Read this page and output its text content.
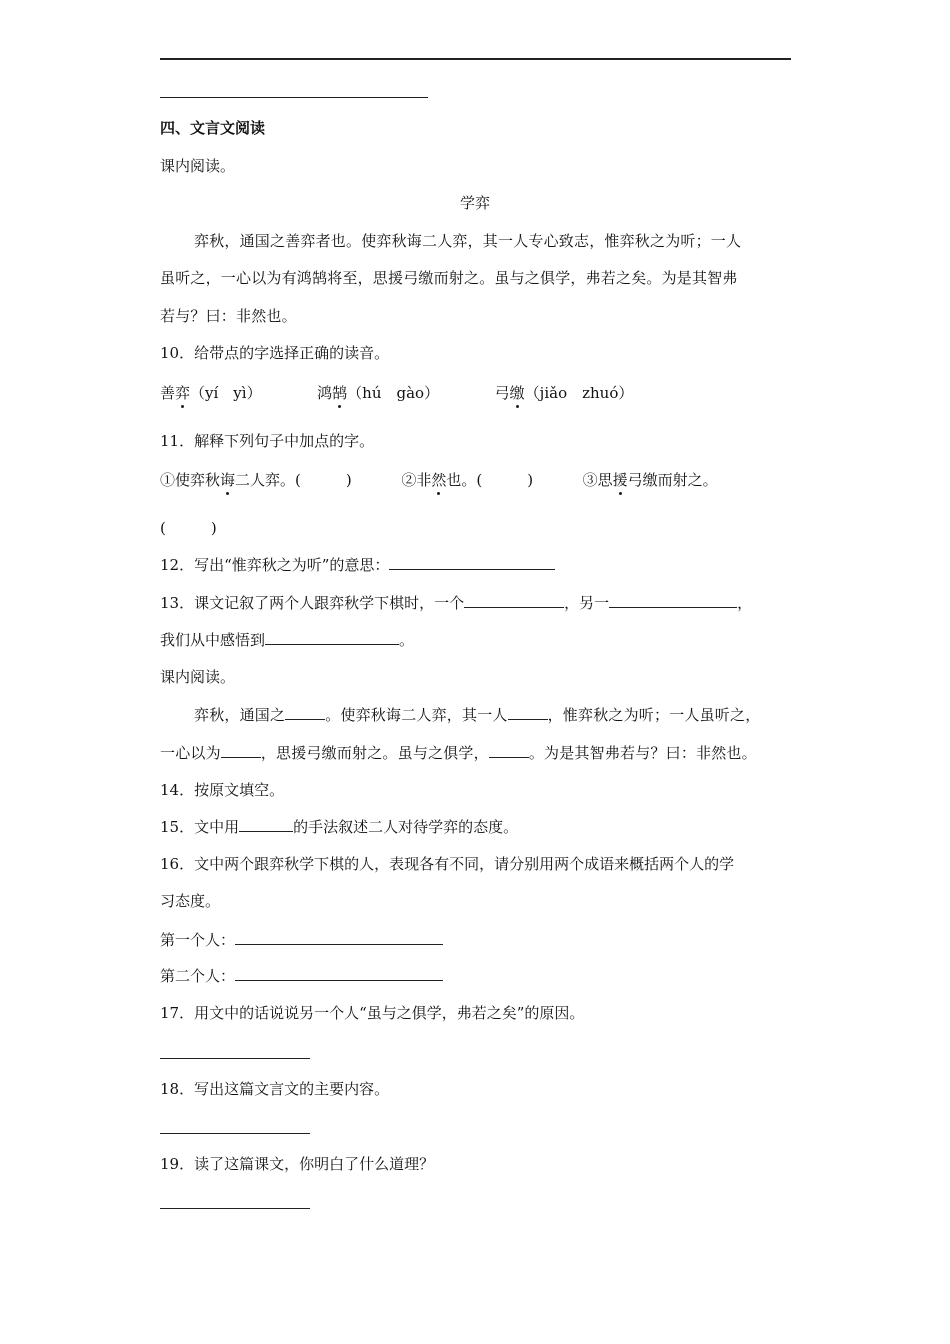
四、文言文阅读
课内阅读。
学弈
弈秋，通国之善弈者也。使弈秋诲二人弈，其一人专心致志，惟弈秋之为听；一人
虽听之，一心以为有鸿鹄将至，思援弓缴而射之。虽与之俱学，弗若之矣。为是其智弗
若与？曰：非然也。
10．给带点的字选择正确的读音。
善弈（yí　yì）	鸿鹄（hú　gào）	弓缴（jiǎo　zhuó）
11．解释下列句子中加点的字。
①使弈秋诲二人弈。(　　　)	②非然也。(　　　)	③思援弓缴而射之。
(　　　)
12．写出“惟弈秋之为听”的意思：
13．课文记叙了两个人跟弈秋学下棋时，一个	，另一	，
我们从中感悟到	。
课内阅读。
弈秋，通国之	。使弈秋诲二人弈，其一人	，惟弈秋之为听；一人虽听之，
一心以为	，思援弓缴而射之。虽与之俱学，	。为是其智弗若与？曰：非然也。
14．按原文填空。
15．文中用	的手法叙述二人对待学弈的态度。
16．文中两个跟弈秋学下棋的人，表现各有不同，请分别用两个成语来概括两个人的学
习态度。
第一个人：
第二个人：
17．用文中的话说说另一个人“虽与之俱学，弗若之矣”的原因。
18．写出这篇文言文的主要内容。
19．读了这篇课文，你明白了什么道理？
